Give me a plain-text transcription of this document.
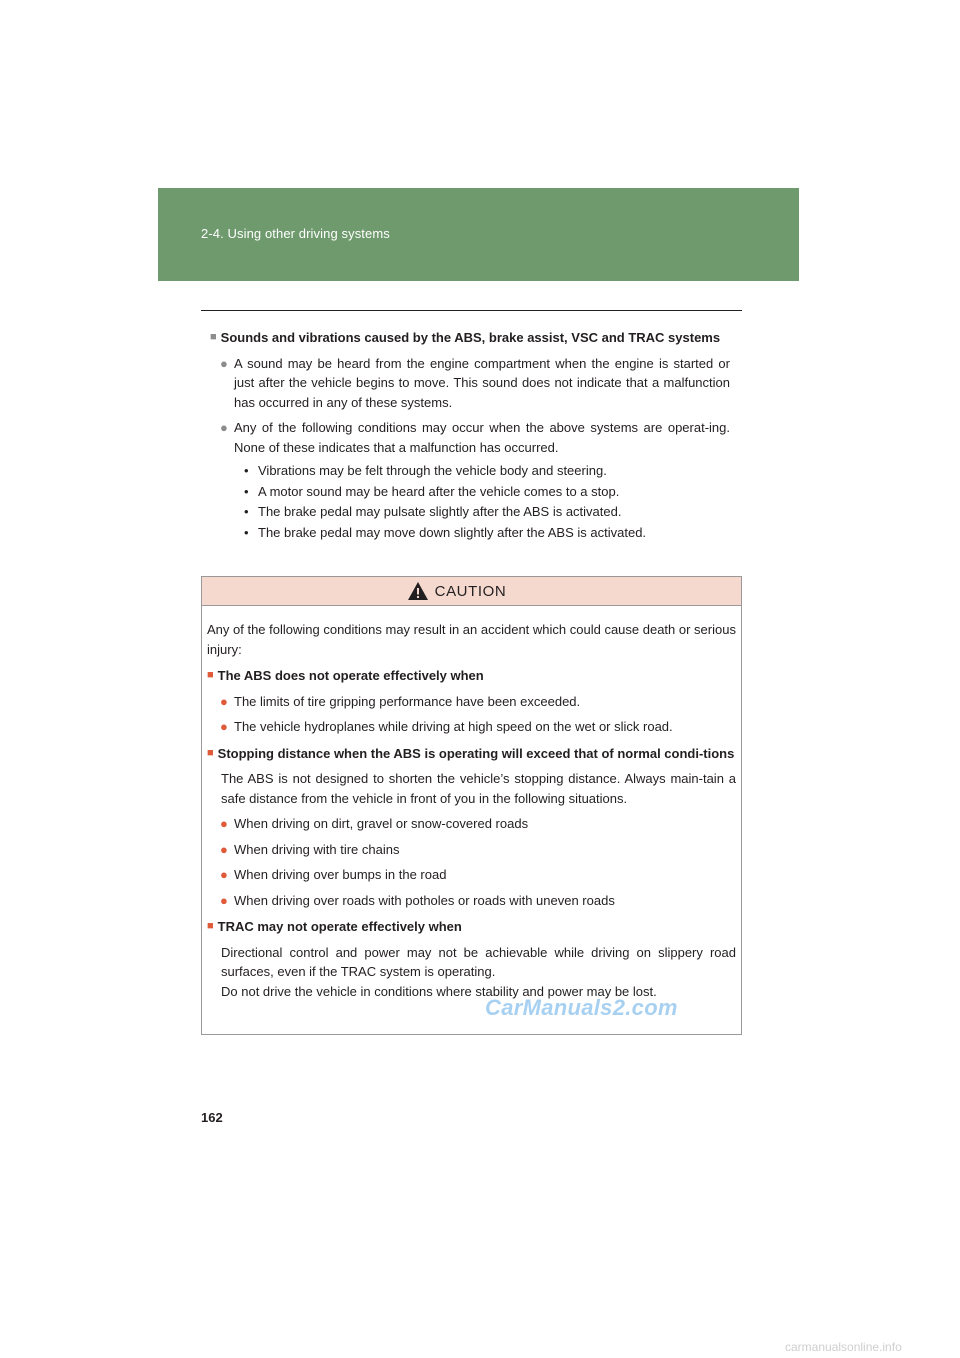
2-4. Using other driving systems
■ Sounds and vibrations caused by the ABS, brake assist, VSC and TRAC systems
● A sound may be heard from the engine compartment when the engine is started or just after the vehicle begins to move. This sound does not indicate that a malfunction has occurred in any of these systems.
● Any of the following conditions may occur when the above systems are operat-ing. None of these indicates that a malfunction has occurred.
• Vibrations may be felt through the vehicle body and steering.
• A motor sound may be heard after the vehicle comes to a stop.
• The brake pedal may pulsate slightly after the ABS is activated.
• The brake pedal may move down slightly after the ABS is activated.
CAUTION

Any of the following conditions may result in an accident which could cause death or serious injury:

■ The ABS does not operate effectively when
● The limits of tire gripping performance have been exceeded.
● The vehicle hydroplanes while driving at high speed on the wet or slick road.
■ Stopping distance when the ABS is operating will exceed that of normal condi-tions

The ABS is not designed to shorten the vehicle’s stopping distance. Always main-tain a safe distance from the vehicle in front of you in the following situations.

● When driving on dirt, gravel or snow-covered roads
● When driving with tire chains
● When driving over bumps in the road
● When driving over roads with potholes or roads with uneven roads
■ TRAC may not operate effectively when

Directional control and power may not be achievable while driving on slippery road surfaces, even if the TRAC system is operating.

Do not drive the vehicle in conditions where stability and power may be lost.

CarManuals2.com
162
carmanualsonline.info
